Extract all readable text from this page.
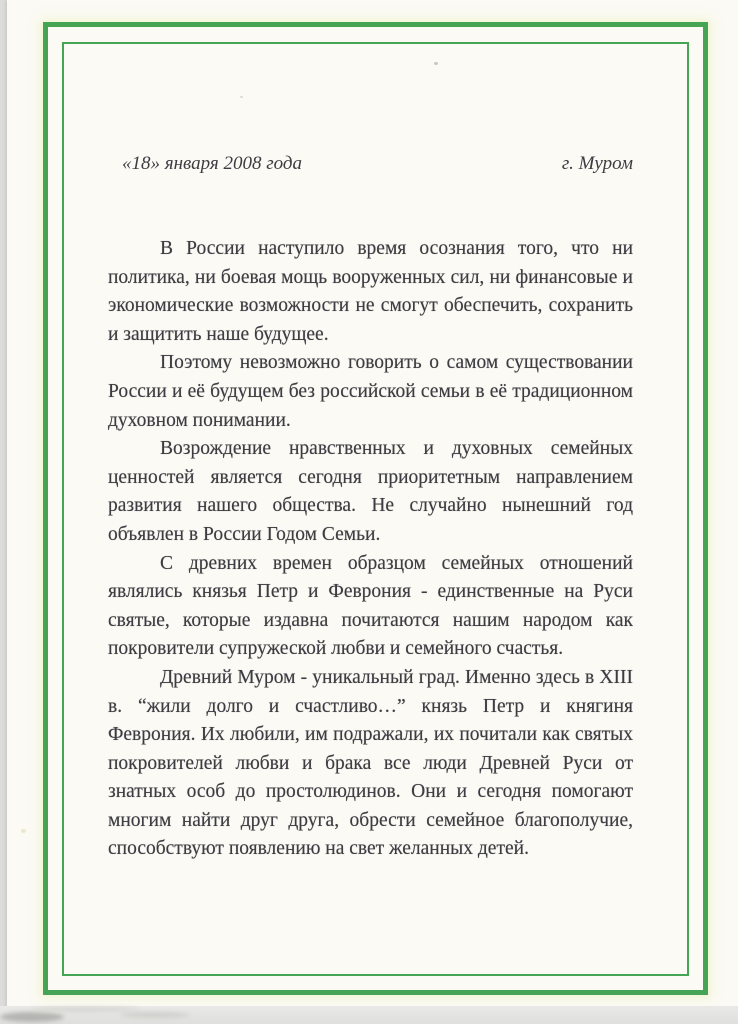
«18» января 2008 года	г. Муром

В России наступило время осознания того, что ни политика, ни боевая мощь вооруженных сил, ни финансовые и экономические возможности не смогут обеспечить, сохранить и защитить наше будущее.

Поэтому невозможно говорить о самом существовании России и её будущем без российской семьи в её традиционном духовном понимании.

Возрождение нравственных и духовных семейных ценностей является сегодня приоритетным направлением развития нашего общества. Не случайно нынешний год объявлен в России Годом Семьи.

С древних времен образцом семейных отношений являлись князья Петр и Феврония - единственные на Руси святые, которые издавна почитаются нашим народом как покровители супружеской любви и семейного счастья.

Древний Муром - уникальный град. Именно здесь в XIII в. “жили долго и счастливо…” князь Петр и княгиня Феврония. Их любили, им подражали, их почитали как святых покровителей любви и брака все люди Древней Руси от знатных особ до простолюдинов. Они и сегодня помогают многим найти друг друга, обрести семейное благополучие, способствуют появлению на свет желанных детей.
